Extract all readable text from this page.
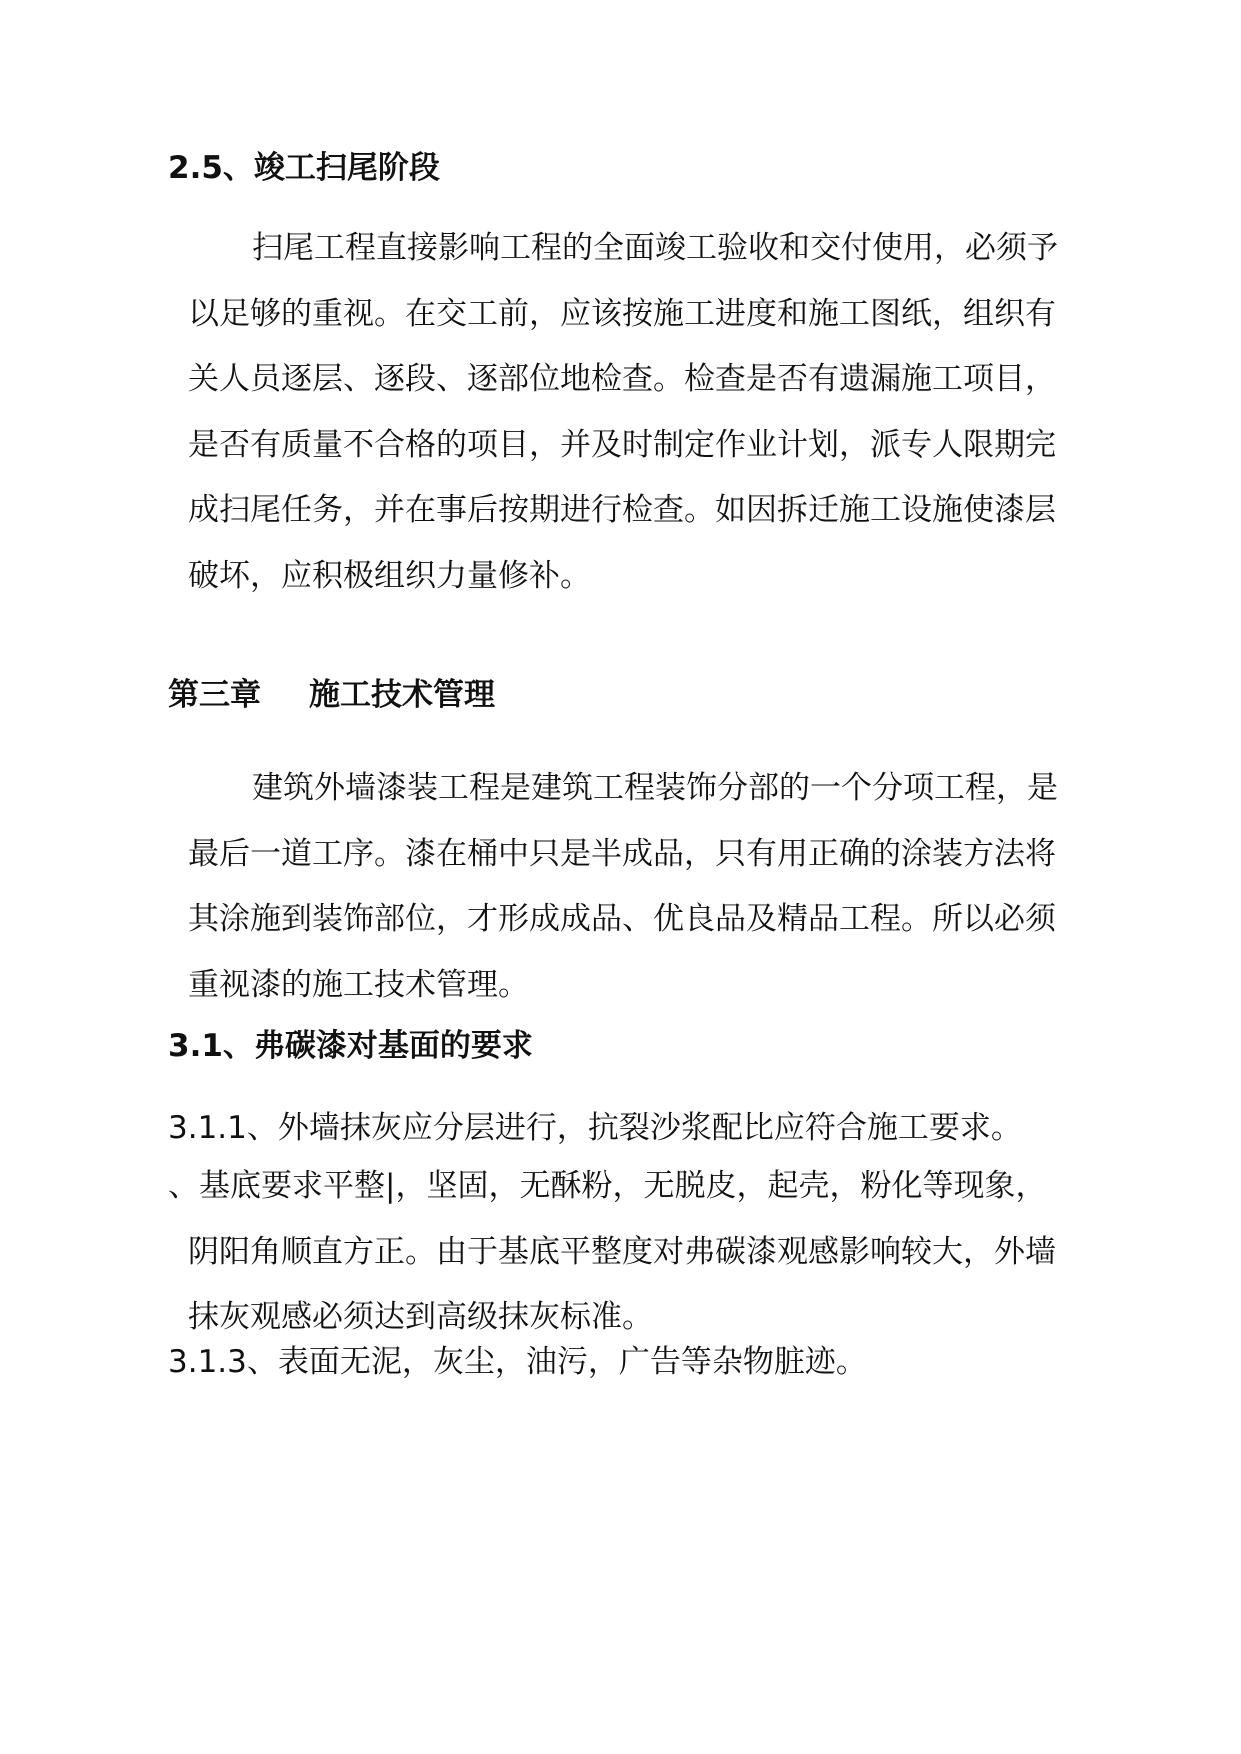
2.5、竣工扫尾阶段

扫尾工程直接影响工程的全面竣工验收和交付使用，必须予
以足够的重视。在交工前，应该按施工进度和施工图纸，组织有
关人员逐层、逐段、逐部位地检查。检查是否有遗漏施工项目，
是否有质量不合格的项目，并及时制定作业计划，派专人限期完
成扫尾任务，并在事后按期进行检查。如因拆迁施工设施使漆层
破坏，应积极组织力量修补。

第三章 施工技术管理

建筑外墙漆装工程是建筑工程装饰分部的一个分项工程，是
最后一道工序。漆在桶中只是半成品，只有用正确的涂装方法将
其涂施到装饰部位，才形成成品、优良品及精品工程。所以必须
重视漆的施工技术管理。

3.1、弗碳漆对基面的要求

3.1.1、外墙抹灰应分层进行，抗裂沙浆配比应符合施工要求。

、基底要求平整|，坚固，无酥粉，无脱皮，起壳，粉化等现象，
阴阳角顺直方正。由于基底平整度对弗碳漆观感影响较大，外墙
抹灰观感必须达到高级抹灰标准。

3.1.3、表面无泥，灰尘，油污，广告等杂物脏迹。
